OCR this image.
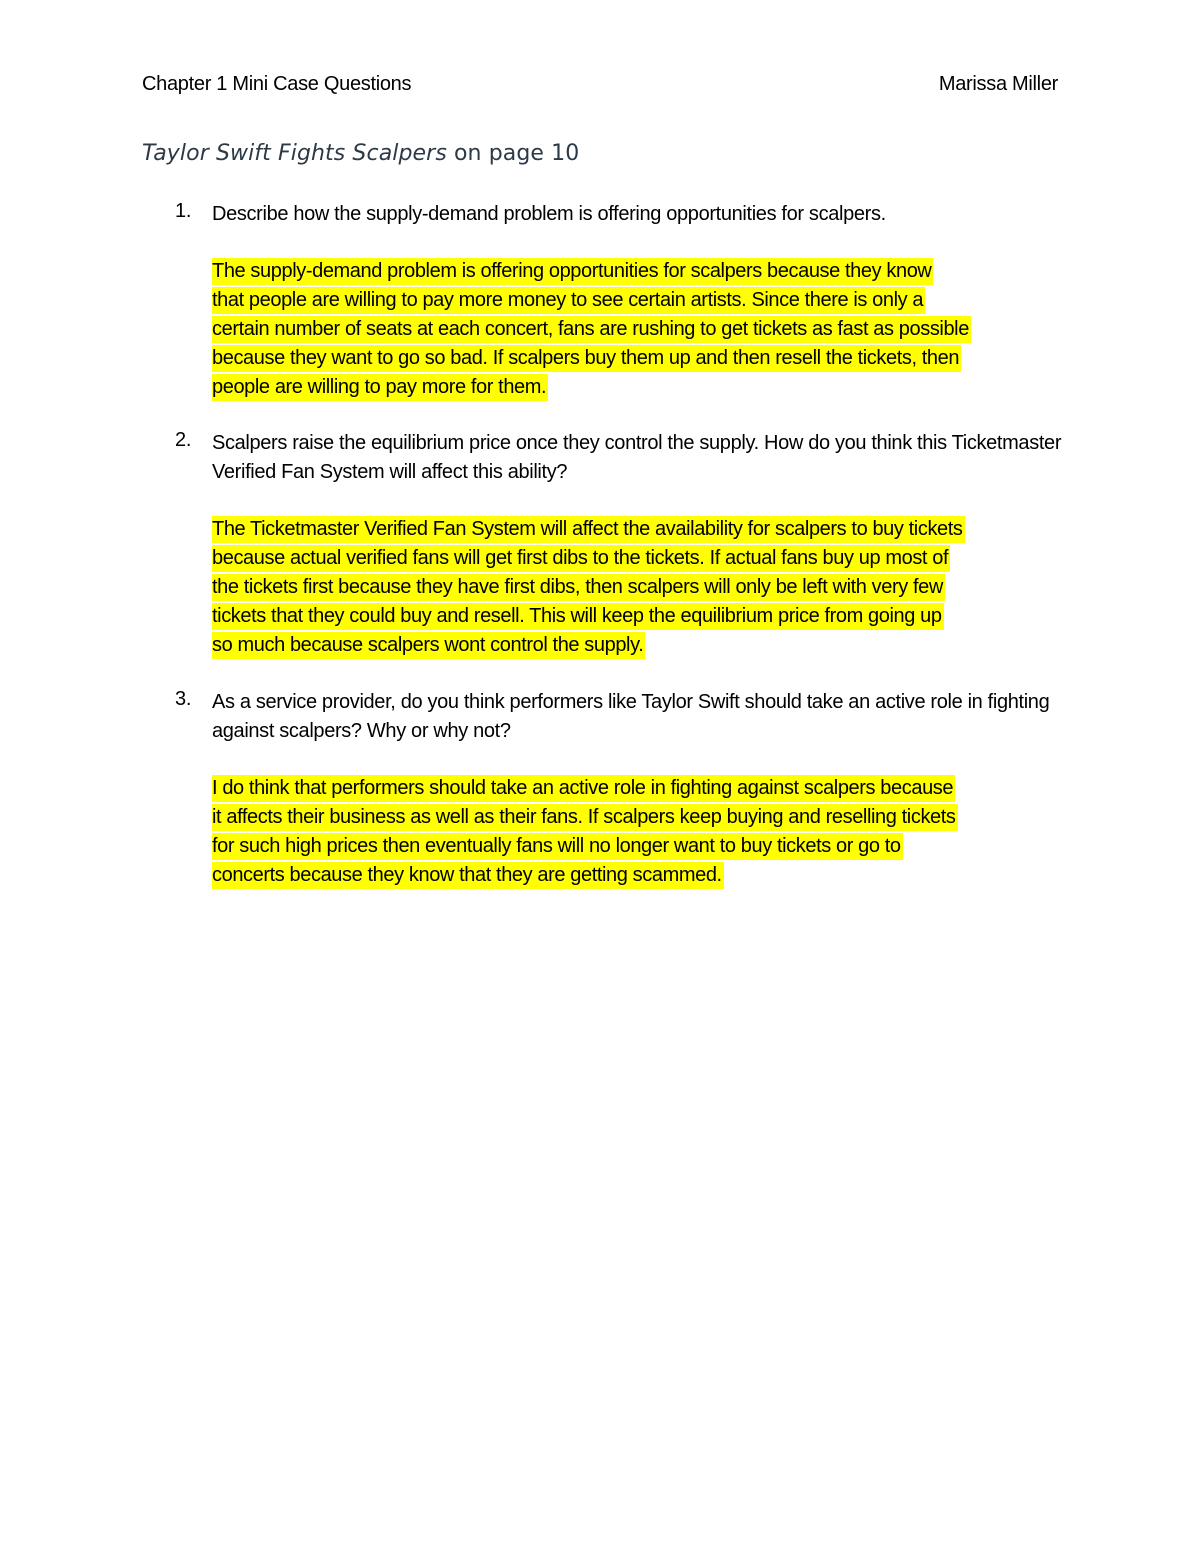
Chapter 1 Mini Case Questions	Marissa Miller
Taylor Swift Fights Scalpers on page 10
1. Describe how the supply-demand problem is offering opportunities for scalpers.
The supply-demand problem is offering opportunities for scalpers because they know
that people are willing to pay more money to see certain artists. Since there is only a
certain number of seats at each concert, fans are rushing to get tickets as fast as possible
because they want to go so bad. If scalpers buy them up and then resell the tickets, then
people are willing to pay more for them.
2. Scalpers raise the equilibrium price once they control the supply. How do you think this Ticketmaster Verified Fan System will affect this ability?
The Ticketmaster Verified Fan System will affect the availability for scalpers to buy tickets
because actual verified fans will get first dibs to the tickets. If actual fans buy up most of
the tickets first because they have first dibs, then scalpers will only be left with very few
tickets that they could buy and resell. This will keep the equilibrium price from going up
so much because scalpers wont control the supply.
3. As a service provider, do you think performers like Taylor Swift should take an active role in fighting against scalpers? Why or why not?
I do think that performers should take an active role in fighting against scalpers because
it affects their business as well as their fans. If scalpers keep buying and reselling tickets
for such high prices then eventually fans will no longer want to buy tickets or go to
concerts because they know that they are getting scammed.
